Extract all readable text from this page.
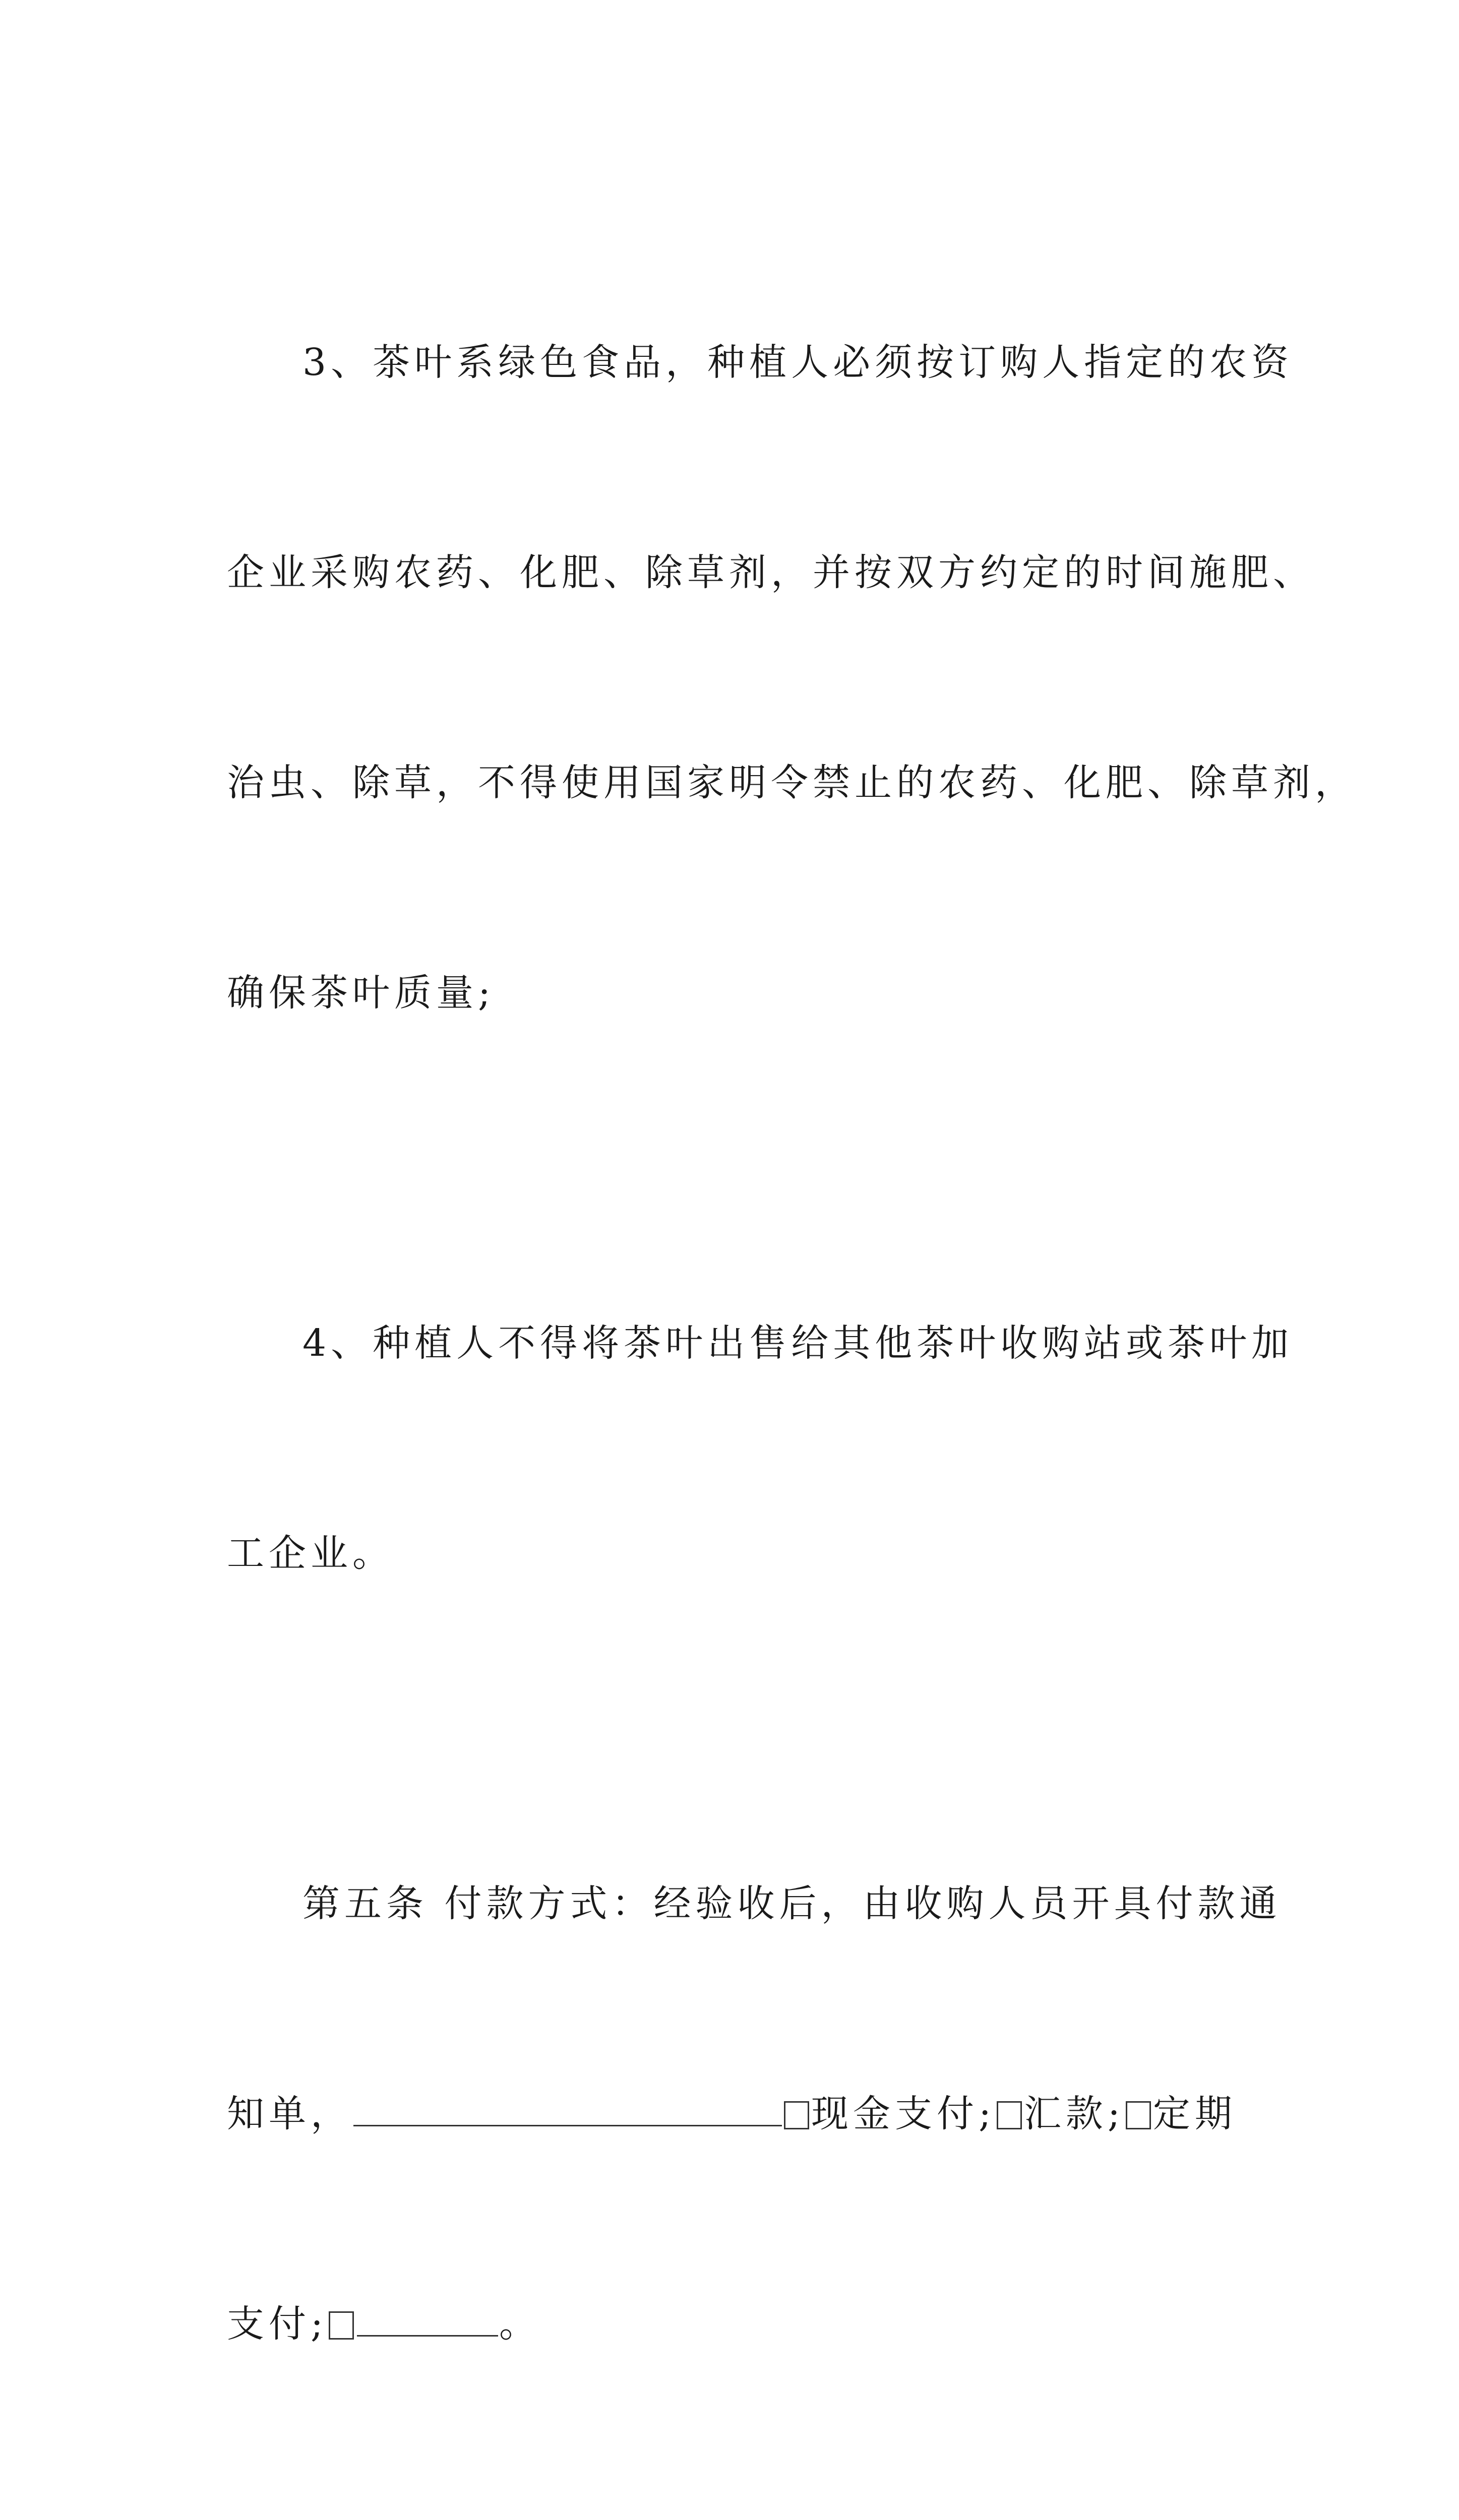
3、茶叶系绿色食品，种植人必须按订购人指定的农资

企业采购农药、化肥、除草剂，并按双方约定的时间施肥、

治虫、除草，不得使用国家明令禁止的农药、化肥、除草剂，

确保茶叶质量;

4、种植人不得将茶叶出售给其他茶叶收购站或茶叶加

工企业。

第五条 付款方式：经验收后，由收购人员开具付款通

知单，	现金支付; 汇款; 定期

支付;	。
